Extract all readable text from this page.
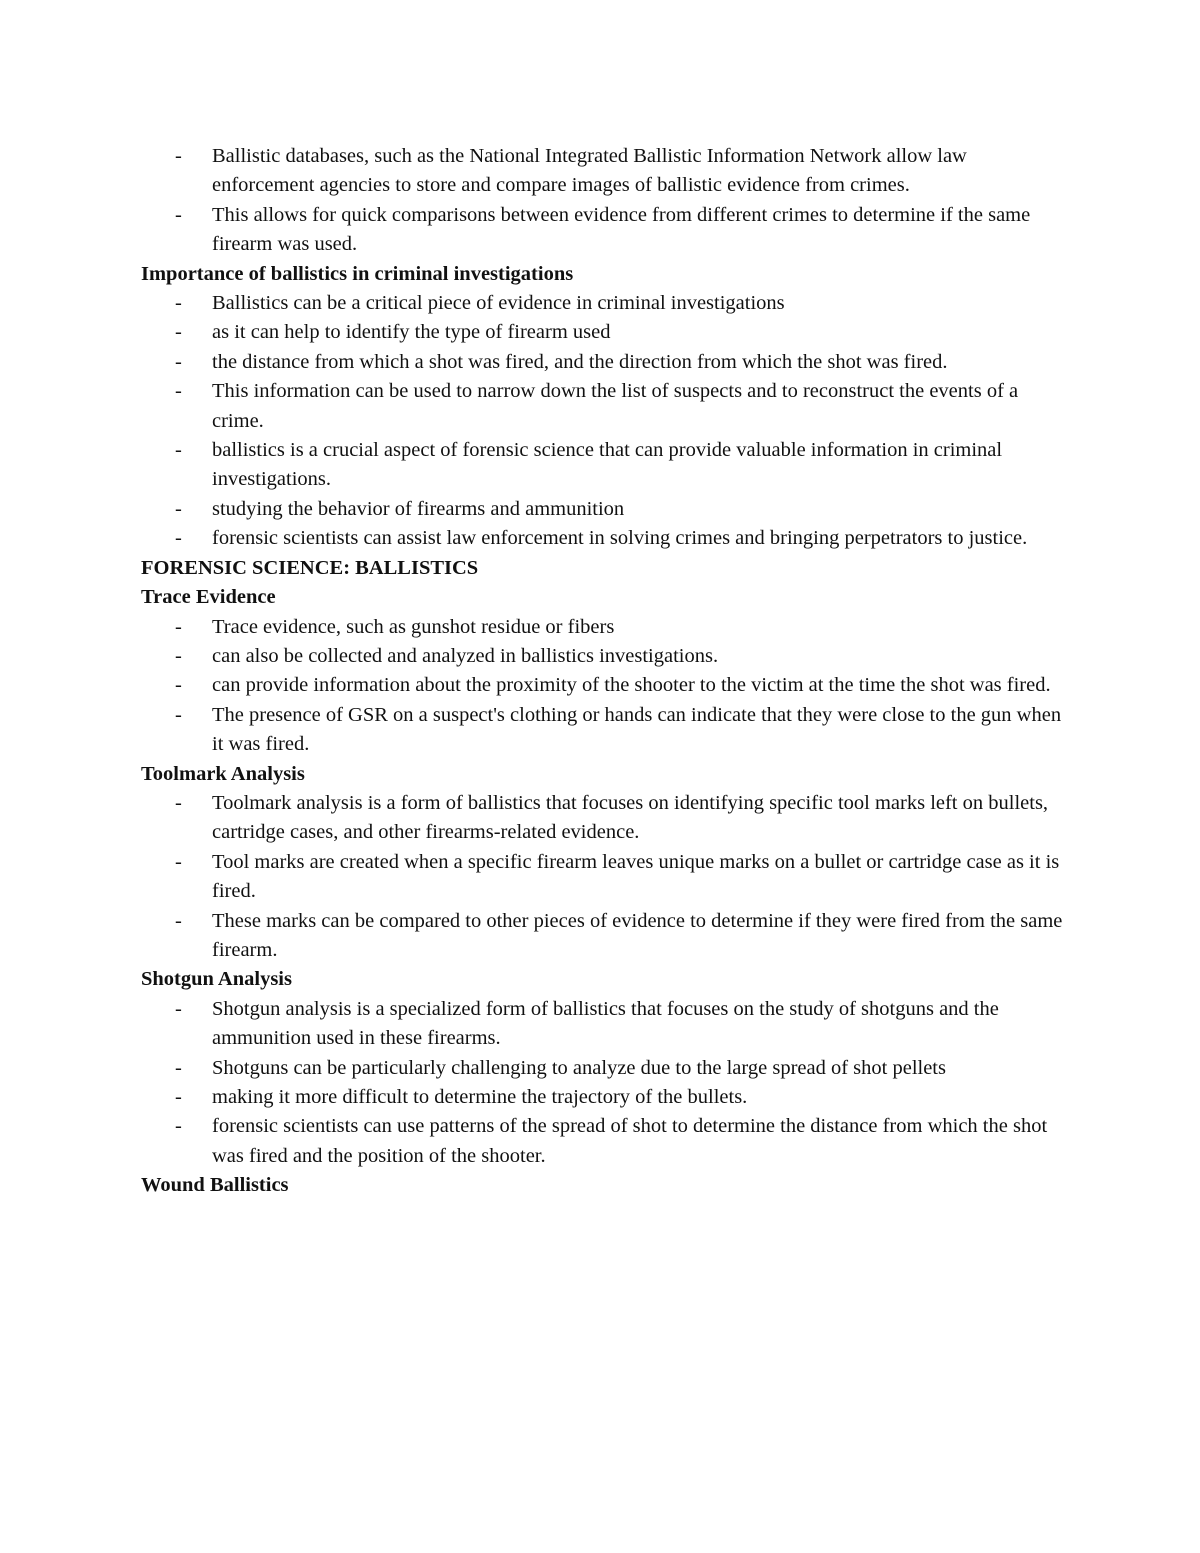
- Ballistic databases, such as the National Integrated Ballistic Information Network allow law enforcement agencies to store and compare images of ballistic evidence from crimes.
- This allows for quick comparisons between evidence from different crimes to determine if the same firearm was used.
Importance of ballistics in criminal investigations
- Ballistics can be a critical piece of evidence in criminal investigations
- as it can help to identify the type of firearm used
- the distance from which a shot was fired, and the direction from which the shot was fired.
- This information can be used to narrow down the list of suspects and to reconstruct the events of a crime.
- ballistics is a crucial aspect of forensic science that can provide valuable information in criminal investigations.
- studying the behavior of firearms and ammunition
- forensic scientists can assist law enforcement in solving crimes and bringing perpetrators to justice.
FORENSIC SCIENCE: BALLISTICS
Trace Evidence
- Trace evidence, such as gunshot residue or fibers
- can also be collected and analyzed in ballistics investigations.
- can provide information about the proximity of the shooter to the victim at the time the shot was fired.
- The presence of GSR on a suspect's clothing or hands can indicate that they were close to the gun when it was fired.
Toolmark Analysis
- Toolmark analysis is a form of ballistics that focuses on identifying specific tool marks left on bullets, cartridge cases, and other firearms-related evidence.
- Tool marks are created when a specific firearm leaves unique marks on a bullet or cartridge case as it is fired.
- These marks can be compared to other pieces of evidence to determine if they were fired from the same firearm.
Shotgun Analysis
- Shotgun analysis is a specialized form of ballistics that focuses on the study of shotguns and the ammunition used in these firearms.
- Shotguns can be particularly challenging to analyze due to the large spread of shot pellets
- making it more difficult to determine the trajectory of the bullets.
- forensic scientists can use patterns of the spread of shot to determine the distance from which the shot was fired and the position of the shooter.
Wound Ballistics
